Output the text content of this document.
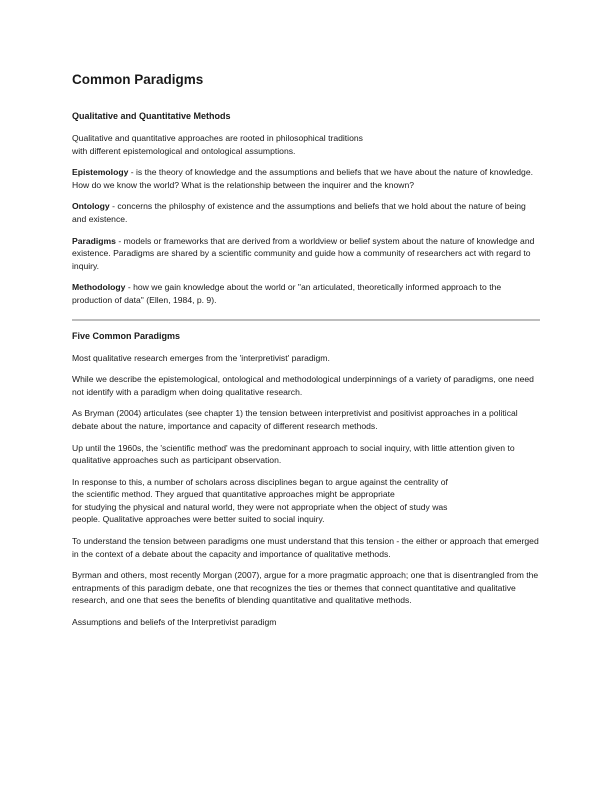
Common Paradigms
Qualitative and Quantitative Methods

Qualitative and quantitative approaches are rooted in philosophical traditions
with different epistemological and ontological assumptions.

Epistemology - is the theory of knowledge and the assumptions and beliefs that we have about the nature of knowledge. How do we know the world? What is the relationship between the inquirer and the known?

Ontology - concerns the philosphy of existence and the assumptions and beliefs that we hold about the nature of being and existence.

Paradigms - models or frameworks that are derived from a worldview or belief system about the nature of knowledge and existence. Paradigms are shared by a scientific community and guide how a community of researchers act with regard to inquiry.

Methodology - how we gain knowledge about the world or "an articulated, theoretically informed approach to the production of data" (Ellen, 1984, p. 9).

Five Common Paradigms

Most qualitative research emerges from the 'interpretivist' paradigm.

While we describe the epistemological, ontological and methodological underpinnings of a variety of paradigms, one need not identify with a paradigm when doing qualitative research.

As Bryman (2004) articulates (see chapter 1) the tension between interpretivist and positivist approaches in a political debate about the nature, importance and capacity of different research methods.

Up until the 1960s, the 'scientific method' was the predominant approach to social inquiry, with little attention given to qualitative approaches such as participant observation.

In response to this, a number of scholars across disciplines began to argue against the centrality of
the scientific method. They argued that quantitative approaches might be appropriate
for studying the physical and natural world, they were not appropriate when the object of study was
people. Qualitative approaches were better suited to social inquiry.

To understand the tension between paradigms one must understand that this tension - the either or approach that emerged in the context of a debate about the capacity and importance of qualitative methods.

Byrman and others, most recently Morgan (2007), argue for a more pragmatic approach; one that is disentrangled from the entrapments of this paradigm debate, one that recognizes the ties or themes that connect quantitative and qualitative research, and one that sees the benefits of blending quantitative and qualitative methods.

Assumptions and beliefs of the Interpretivist paradigm
